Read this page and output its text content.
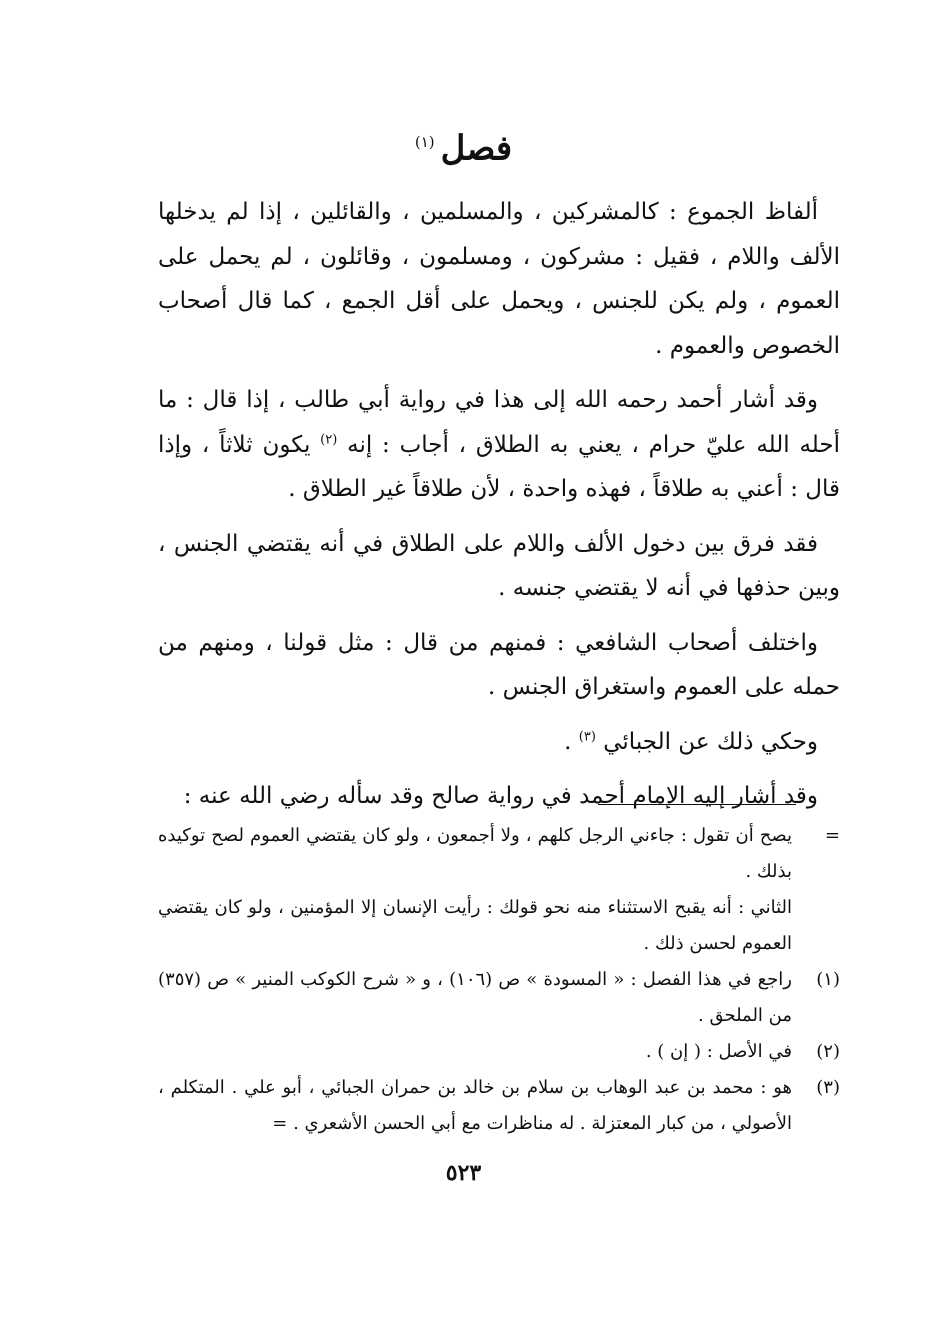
فصل$^{(١)}$

ألفاظ الجموع : كالمشركين ، والمسلمين ، والقائلين ، إذا لم يدخلها الألف واللام ، فقيل : مشركون ، ومسلمون ، وقائلون ، لم يحمل على العموم ، ولم يكن للجنس ، ويحمل على أقل الجمع ، كما قال أصحاب الخصوص والعموم .

وقد أشار أحمد رحمه الله إلى هذا في رواية أبي طالب ، إذا قال : ما أحله الله عليّ حرام ، يعني به الطلاق ، أجاب : إنه $^{(٢)}$ يكون ثلاثاً ، وإذا قال : أعني به طلاقاً ، فهذه واحدة ، لأن طلاقاً غير الطلاق .

فقد فرق بين دخول الألف واللام على الطلاق في أنه يقتضي الجنس ، وبين حذفها في أنه لا يقتضي جنسه .

واختلف أصحاب الشافعي : فمنهم من قال : مثل قولنا ، ومنهم من حمله على العموم واستغراق الجنس .

وحكي ذلك عن الجبائي $^{(٣)}$ .

وقد أشار إليه الإمام أحمد في رواية صالح وقد سأله رضي الله عنه :

=

يصح أن تقول : جاءني الرجل كلهم ، ولا أجمعون ، ولو كان يقتضي العموم لصح توكيده بذلك .

الثاني : أنه يقبح الاستثناء منه نحو قولك : رأيت الإنسان إلا المؤمنين ، ولو كان يقتضي العموم لحسن ذلك .

(١)
راجع في هذا الفصل : « المسودة » ص (١٠٦) ، و « شرح الكوكب المنير » ص (٣٥٧) من الملحق .
(٢)
في الأصل : ( إن ) .
(٣)
هو : محمد بن عبد الوهاب بن سلام بن خالد بن حمران الجبائي ، أبو علي . المتكلم ، الأصولي ، من كبار المعتزلة . له مناظرات مع أبي الحسن الأشعري . =
٥٢٣
